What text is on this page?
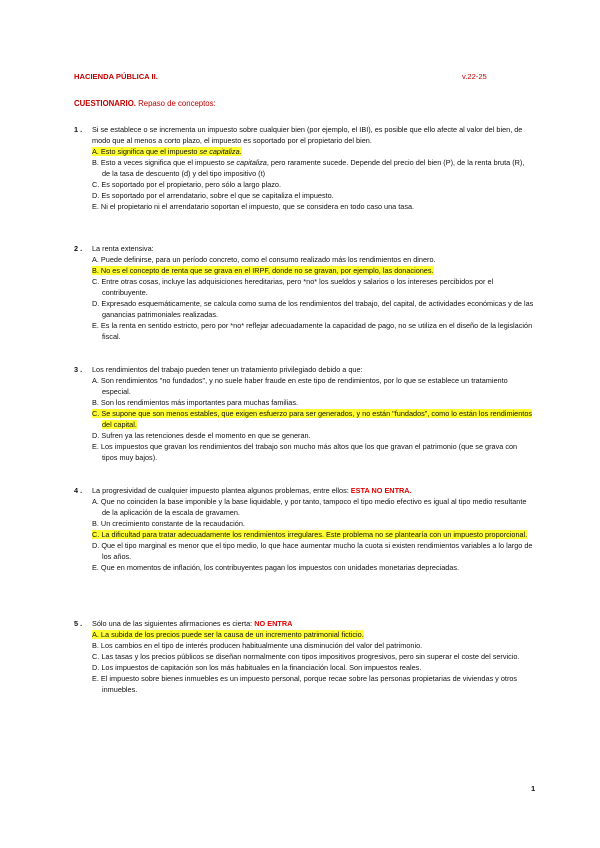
HACIENDA PÚBLICA II.	v.22-25
CUESTIONARIO. Repaso de conceptos:
1 .	Si se establece o se incrementa un impuesto sobre cualquier bien (por ejemplo, el IBI), es posible que ello afecte al valor del bien, de modo que al menos a corto plazo, el impuesto es soportado por el propietario del bien.
A. Esto significa que el impuesto se capitaliza.
B. Esto a veces significa que el impuesto se capitaliza, pero raramente sucede. Depende del precio del bien (P), de la renta bruta (R), de la tasa de descuento (d) y del tipo impositivo (t)
C. Es soportado por el propietario, pero sólo a largo plazo.
D. Es soportado por el arrendatario, sobre el que se capitaliza el impuesto.
E. Ni el propietario ni el arrendatario soportan el impuesto, que se considera en todo caso una tasa.
2 .	La renta extensiva:
A. Puede definirse, para un período concreto, como el consumo realizado más los rendimientos en dinero.
B. No es el concepto de renta que se grava en el IRPF, donde no se gravan, por ejemplo, las donaciones.
C. Entre otras cosas, incluye las adquisiciones hereditarias, pero *no* los sueldos y salarios o los intereses percibidos por el contribuyente.
D. Expresado esquemáticamente, se calcula como suma de los rendimientos del trabajo, del capital, de actividades económicas y de las ganancias patrimoniales realizadas.
E. Es la renta en sentido estricto, pero por *no* reflejar adecuadamente la capacidad de pago, no se utiliza en el diseño de la legislación fiscal.
3 .	Los rendimientos del trabajo pueden tener un tratamiento privilegiado debido a que:
A. Son rendimientos "no fundados", y no suele haber fraude en este tipo de rendimientos, por lo que se establece un tratamiento especial.
B. Son los rendimientos más importantes para muchas familias.
C. Se supone que son menos estables, que exigen esfuerzo para ser generados, y no están "fundados", como lo están los rendimientos del capital.
D. Sufren ya las retenciones desde el momento en que se generan.
E. Los impuestos que gravan los rendimientos del trabajo son mucho más altos que los que gravan el patrimonio (que se grava con tipos muy bajos).
4 .	La progresividad de cualquier impuesto plantea algunos problemas, entre ellos: ESTA NO ENTRA.
A. Que no coinciden la base imponible y la base liquidable, y por tanto, tampoco el tipo medio efectivo es igual al tipo medio resultante de la aplicación de la escala de gravamen.
B. Un crecimiento constante de la recaudación.
C. La dificultad para tratar adecuadamente los rendimientos irregulares. Este problema no se plantearía con un impuesto proporcional.
D. Que el tipo marginal es menor que el tipo medio, lo que hace aumentar mucho la cuota si existen rendimientos variables a lo largo de los años.
E. Que en momentos de inflación, los contribuyentes pagan los impuestos con unidades monetarias depreciadas.
5 .	Sólo una de las siguientes afirmaciones es cierta: NO ENTRA
A. La subida de los precios puede ser la causa de un incremento patrimonial ficticio.
B. Los cambios en el tipo de interés producen habitualmente una disminución del valor del patrimonio.
C. Las tasas y los precios públicos se diseñan normalmente con tipos impositivos progresivos, pero sin superar el coste del servicio.
D. Los impuestos de capitación son los más habituales en la financiación local. Son impuestos reales.
E. El impuesto sobre bienes inmuebles es un impuesto personal, porque recae sobre las personas propietarias de viviendas y otros inmuebles.
1
